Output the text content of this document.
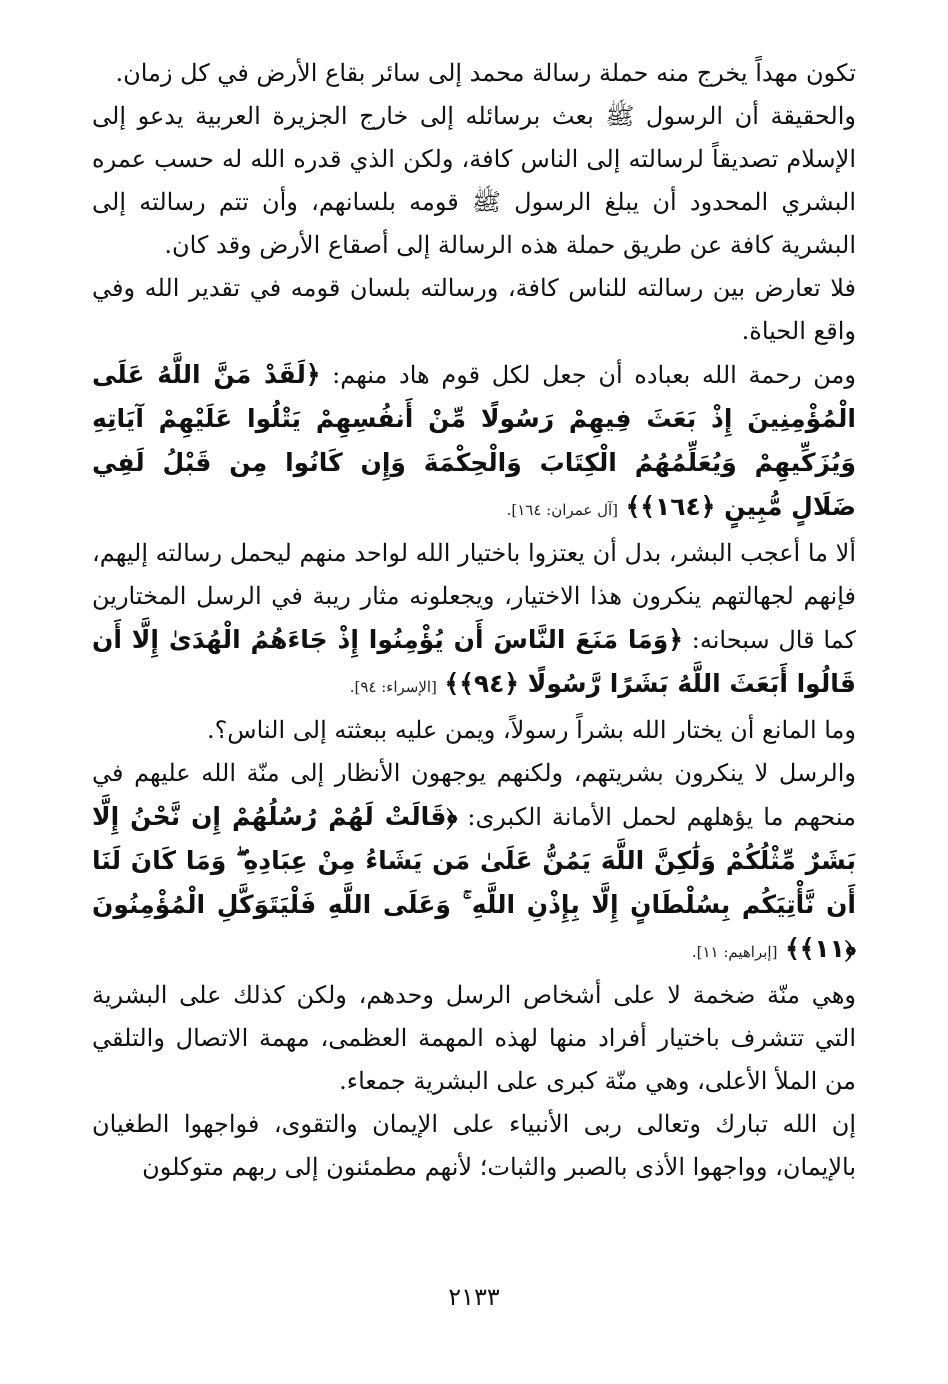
تكون مهداً يخرج منه حملة رسالة محمد إلى سائر بقاع الأرض في كل زمان.

والحقيقة أن الرسول ﷺ بعث برسائله إلى خارج الجزيرة العربية يدعو إلى الإسلام تصديقاً لرسالته إلى الناس كافة، ولكن الذي قدره الله له حسب عمره البشري المحدود أن يبلغ الرسول ﷺ قومه بلسانهم، وأن تتم رسالته إلى البشرية كافة عن طريق حملة هذه الرسالة إلى أصقاع الأرض وقد كان.

فلا تعارض بين رسالته للناس كافة، ورسالته بلسان قومه في تقدير الله وفي واقع الحياة.

ومن رحمة الله بعباده أن جعل لكل قوم هاد منهم: ﴿لَقَدْ مَنَّ اللَّهُ عَلَى الْمُؤْمِنِينَ إِذْ بَعَثَ فِيهِمْ رَسُولًا مِّنْ أَنفُسِهِمْ يَتْلُوا عَلَيْهِمْ آيَاتِهِ وَيُزَكِّيهِمْ وَيُعَلِّمُهُمُ الْكِتَابَ وَالْحِكْمَةَ وَإِن كَانُوا مِن قَبْلُ لَفِي ضَلَالٍ مُّبِينٍ ﴿١٦٤﴾﴾ [آل عمران: ١٦٤].

ألا ما أعجب البشر، بدل أن يعتزوا باختيار الله لواحد منهم ليحمل رسالته إليهم، فإنهم لجهالتهم ينكرون هذا الاختيار، ويجعلونه مثار ريبة في الرسل المختارين كما قال سبحانه: ﴿وَمَا مَنَعَ النَّاسَ أَن يُؤْمِنُوا إِذْ جَاءَهُمُ الْهُدَىٰ إِلَّا أَن قَالُوا أَبَعَثَ اللَّهُ بَشَرًا رَّسُولًا ﴿٩٤﴾﴾ [الإسراء: ٩٤].

وما المانع أن يختار الله بشراً رسولاً، ويمن عليه ببعثته إلى الناس؟.

والرسل لا ينكرون بشريتهم، ولكنهم يوجهون الأنظار إلى منّة الله عليهم في منحهم ما يؤهلهم لحمل الأمانة الكبرى: ﴿قَالَتْ لَهُمْ رُسُلُهُمْ إِن نَّحْنُ إِلَّا بَشَرٌ مِّثْلُكُمْ وَلَٰكِنَّ اللَّهَ يَمُنُّ عَلَىٰ مَن يَشَاءُ مِنْ عِبَادِهِ ۖ وَمَا كَانَ لَنَا أَن نَّأْتِيَكُم بِسُلْطَانٍ إِلَّا بِإِذْنِ اللَّهِ ۚ وَعَلَى اللَّهِ فَلْيَتَوَكَّلِ الْمُؤْمِنُونَ ﴿١١﴾﴾ [إبراهيم: ١١].

وهي منّة ضخمة لا على أشخاص الرسل وحدهم، ولكن كذلك على البشرية التي تتشرف باختيار أفراد منها لهذه المهمة العظمى، مهمة الاتصال والتلقي من الملأ الأعلى، وهي منّة كبرى على البشرية جمعاء.

إن الله تبارك وتعالى ربى الأنبياء على الإيمان والتقوى، فواجهوا الطغيان بالإيمان، وواجهوا الأذى بالصبر والثبات؛ لأنهم مطمئنون إلى ربهم متوكلون

٢١٣٣
